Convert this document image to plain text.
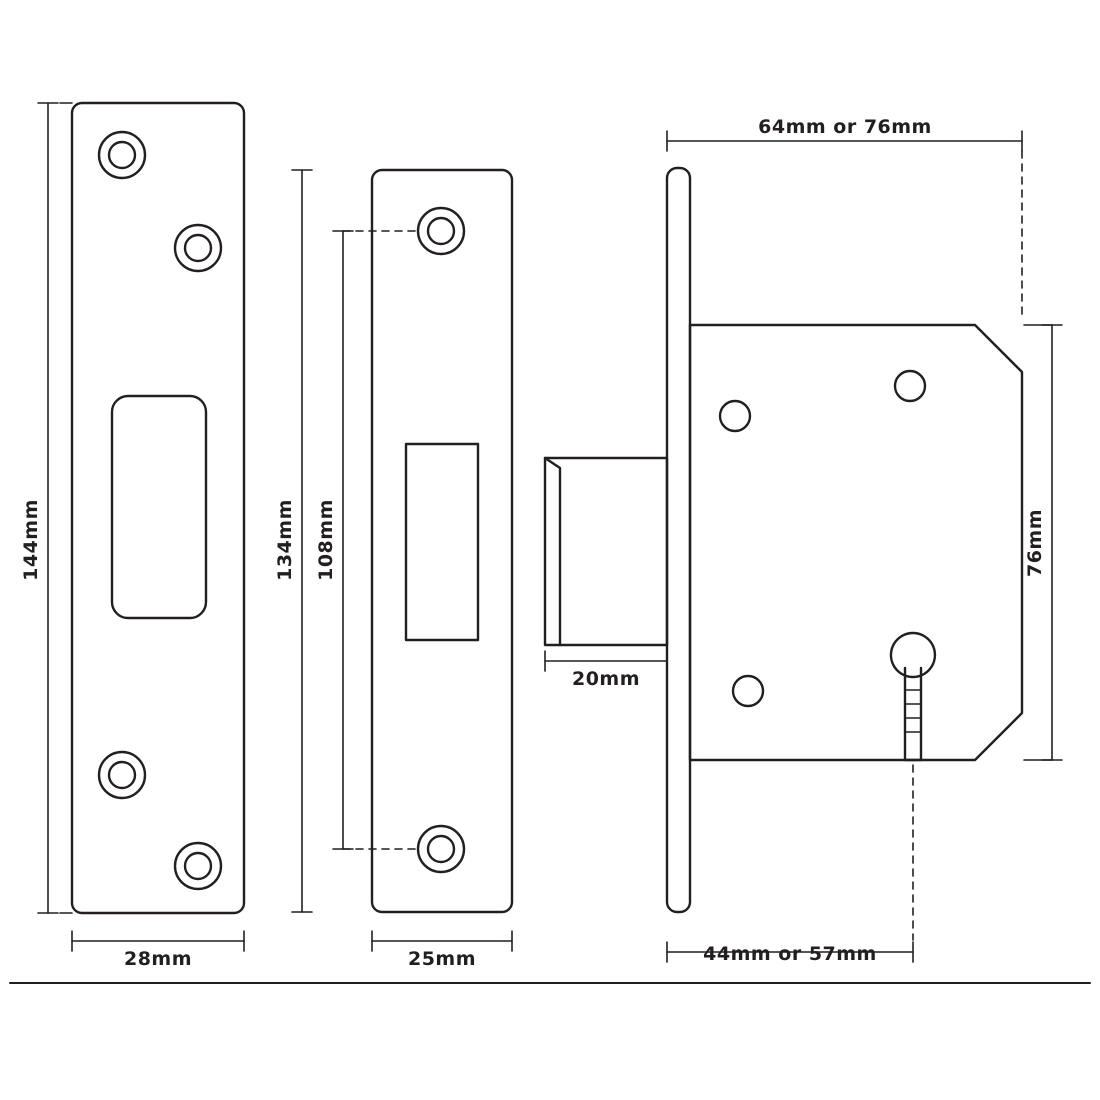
144mm
28mm
134mm 108mm
25mm
64mm or 76mm
76mm
20mm
44mm or 57mm
